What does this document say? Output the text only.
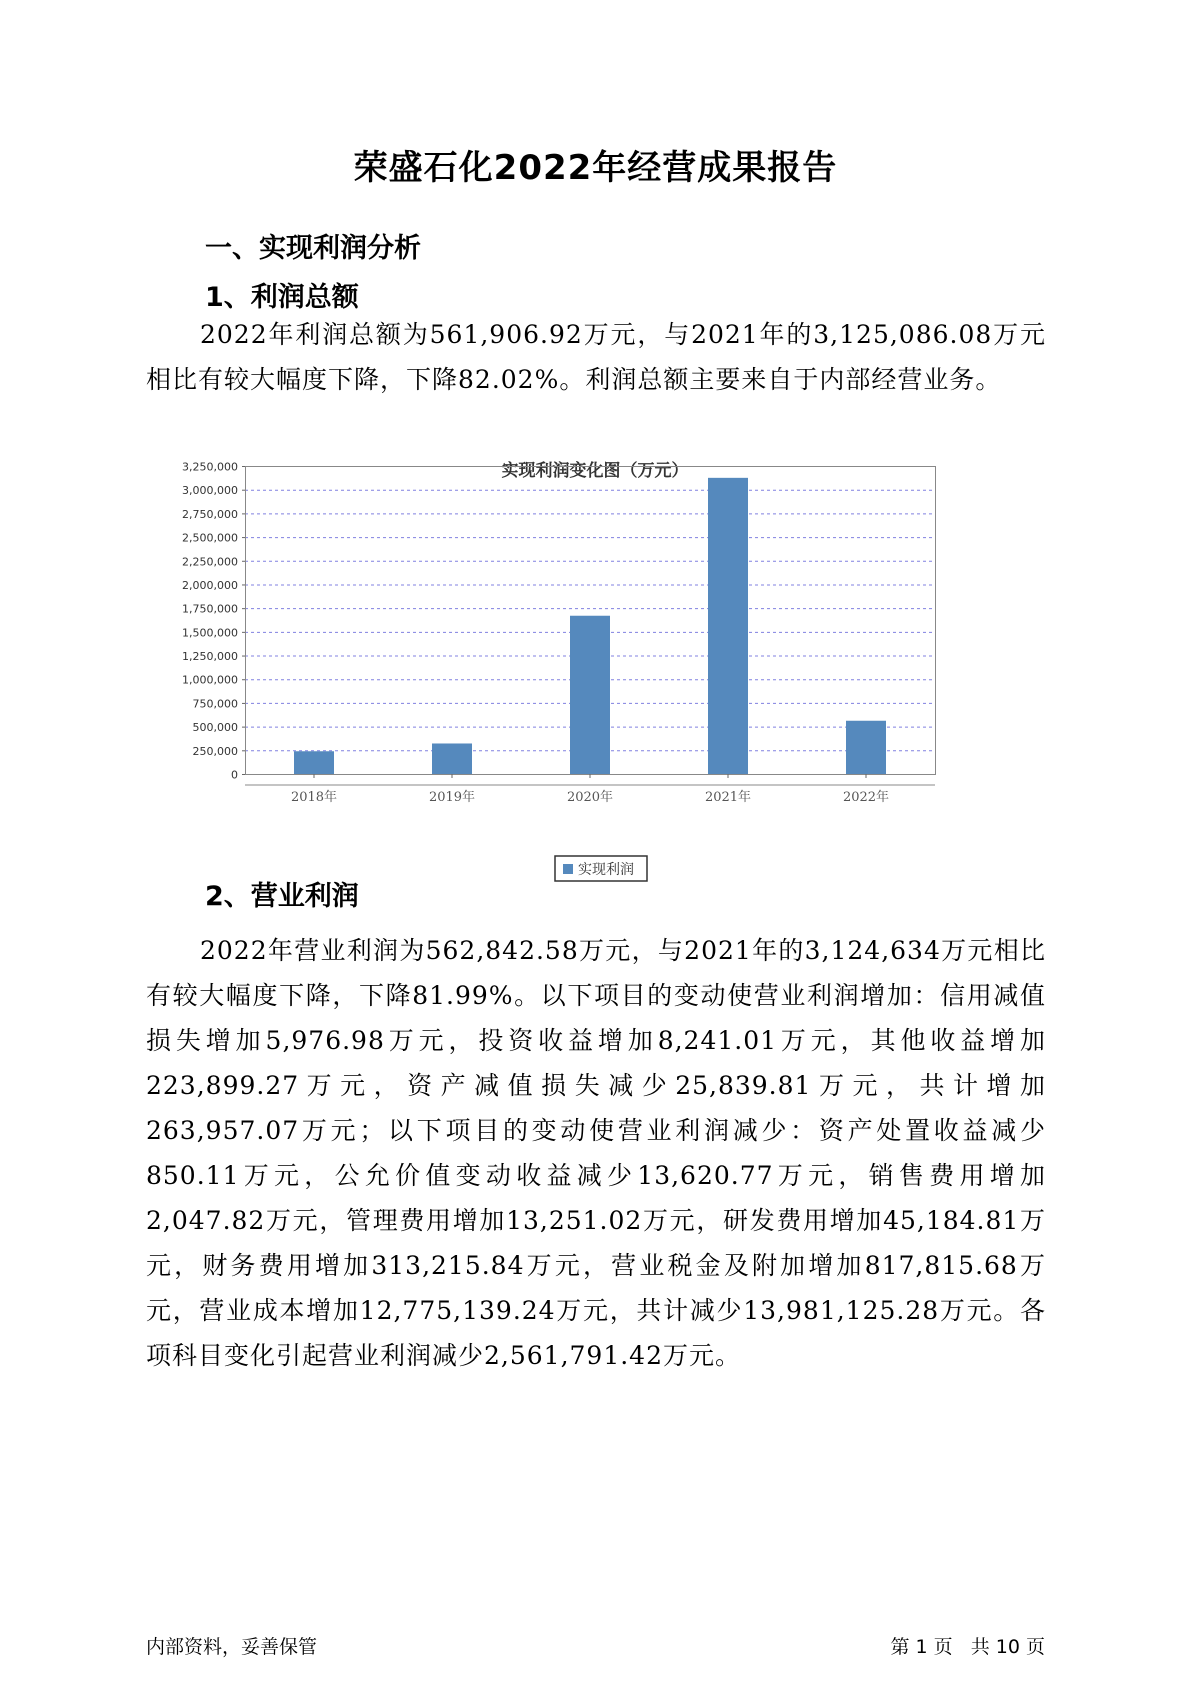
荣盛石化2022年经营成果报告
一、实现利润分析
1、利润总额

2022年利润总额为561,906.92万元，与2021年的3,125,086.08万元相比有较大幅度下降，下降82.02%。利润总额主要来自于内部经营业务。

实现利润变化图（万元）
0
250,000
500,000
750,000
1,000,000
1,250,000
1,500,000
1,750,000
2,000,000
2,250,000
2,500,000
2,750,000
3,000,000
3,250,000
2018年	2019年	2020年	2021年	2022年
实现利润
2、营业利润

2022年营业利润为562,842.58万元，与2021年的3,124,634万元相比有较大幅度下降，下降81.99%。以下项目的变动使营业利润增加：信用减值损失增加5,976.98万元，投资收益增加8,241.01万元，其他收益增加223,899.27万元，资产减值损失减少25,839.81万元，共计增加263,957.07万元；以下项目的变动使营业利润减少：资产处置收益减少850.11万元，公允价值变动收益减少13,620.77万元，销售费用增加2,047.82万元，管理费用增加13,251.02万元，研发费用增加45,184.81万元，财务费用增加313,215.84万元，营业税金及附加增加817,815.68万元，营业成本增加12,775,139.24万元，共计减少13,981,125.28万元。各项科目变化引起营业利润减少2,561,791.42万元。

内部资料，妥善保管	第 1 页   共 10 页
